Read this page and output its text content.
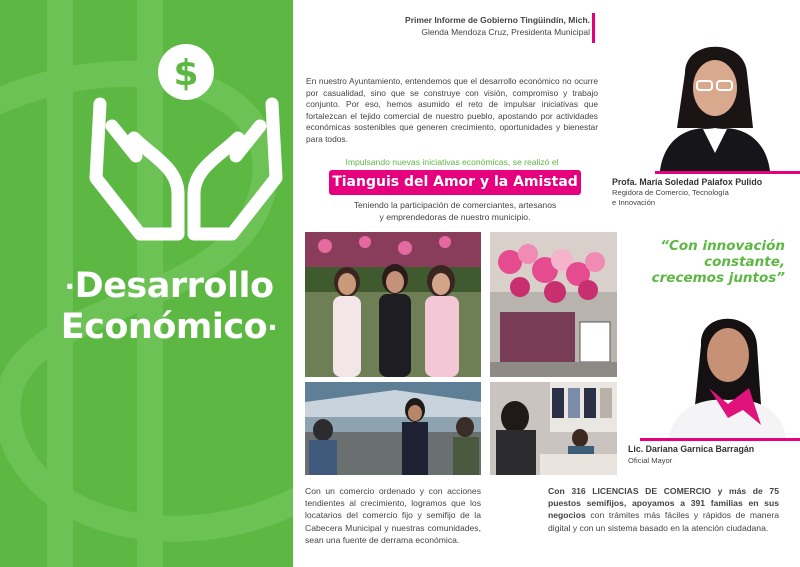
$
·Desarrollo
Económico·
Primer Informe de Gobierno Tingüindín, Mich.
Glenda Mendoza Cruz, Presidenta Municipal

En nuestro Ayuntamiento, entendemos que el desarrollo económico no ocurre por casualidad, sino que se construye con visión, compromiso y trabajo conjunto. Por eso, hemos asumido el reto de impulsar iniciativas que fortalezcan el tejido comercial de nuestro pueblo, apostando por actividades económicas sostenibles que generen crecimiento, oportunidades y bienestar para todos.

Impulsando nuevas iniciativas económicas, se realizó el
Tianguis del Amor y la Amistad
Teniendo la participación de comerciantes, artesanos
y emprendedoras de nuestro municipio.
Profa. María Soledad Palafox Pulido
Regidora de Comercio, Tecnología
e Innovación
“Con innovación constante,
crecemos juntos”
Lic. Dariana Garnica Barragán
Oficial Mayor

Con un comercio ordenado y con acciones tendientes al crecimiento, logramos que los locatarios del comercio fijo y semifijo de la Cabecera Municipal y nuestras comunidades, sean una fuente de derrama económica.

Con 316 LICENCIAS DE COMERCIO y más de 75 puestos semifijos, apoyamos a 391 familias en sus negocios con trámites más fáciles y rápidos de manera digital y con un sistema basado en la atención ciudadana.
